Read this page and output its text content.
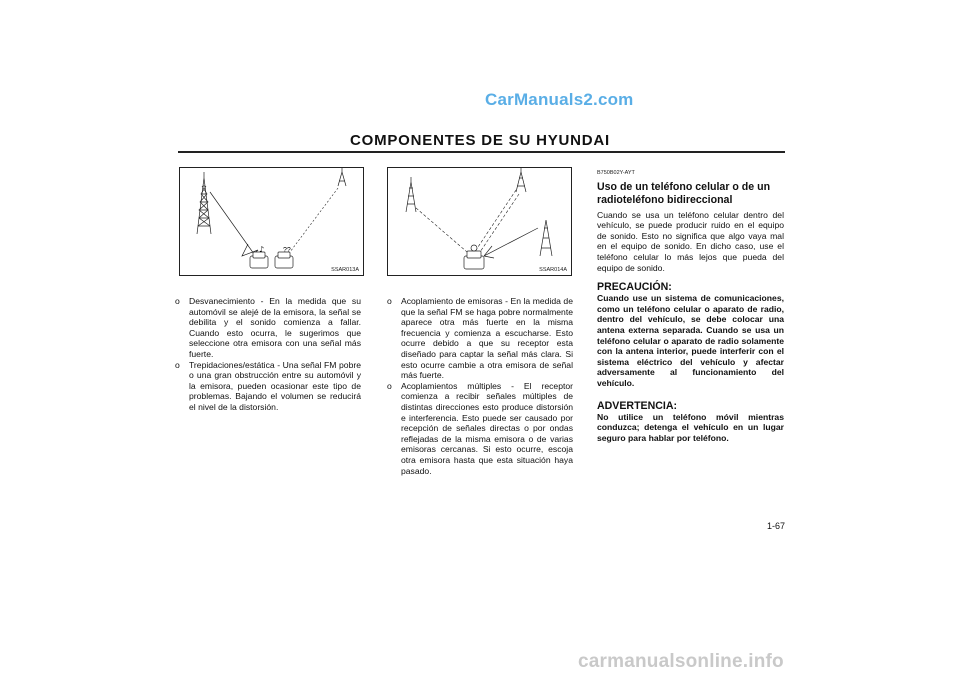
CarManuals2.com
COMPONENTES DE SU HYUNDAI
♪	??
SSAR013A	SSAR014A
o Desvanecimiento - En la medida que su automóvil se alejé de la emisora, la señal se debilita y el sonido comienza a fallar. Cuando esto ocurra, le sugerimos que seleccione otra emisora con una señal más fuerte.
o Trepidaciones/estática - Una señal FM pobre o una gran obstrucción entre su automóvil y la emisora, pueden ocasionar este tipo de problemas. Bajando el volumen se reducirá el nivel de la distorsión.
o Acoplamiento de emisoras - En la medida de que la señal FM se haga pobre normalmente aparece otra más fuerte en la misma frecuencia y comienza a escucharse. Esto ocurre debido a que su receptor esta diseñado para captar la señal más clara. Si esto ocurre cambie a otra emisora de señal más fuerte.
o Acoplamientos múltiples - El receptor comienza a recibir señales múltiples de distintas direcciones esto produce distorsión e interferencia. Esto puede ser causado por recepción de señales directas o por ondas reflejadas de la misma emisora o de varias emisoras cercanas. Si esto ocurre, escoja otra emisora hasta que esta situación haya pasado.
B750B02Y-AYT
Uso de un teléfono celular o de un radioteléfono bidireccional

Cuando se usa un teléfono celular dentro del vehículo, se puede producir ruido en el equipo de sonido. Esto no significa que algo vaya mal en el equipo de sonido. En dicho caso, use el teléfono celular lo más lejos que pueda del equipo de sonido.

PRECAUCIÓN:

Cuando use un sistema de comunicaciones, como un teléfono celular o aparato de radio, dentro del vehículo, se debe colocar una antena externa separada. Cuando se usa un teléfono celular o aparato de radio solamente con la antena interior, puede interferir con el sistema eléctrico del vehículo y afectar adversamente al funcionamiento del vehículo.

ADVERTENCIA:

No utilice un teléfono móvil mientras conduzca; detenga el vehículo en un lugar seguro para hablar por teléfono.

1-67
carmanualsonline.info
